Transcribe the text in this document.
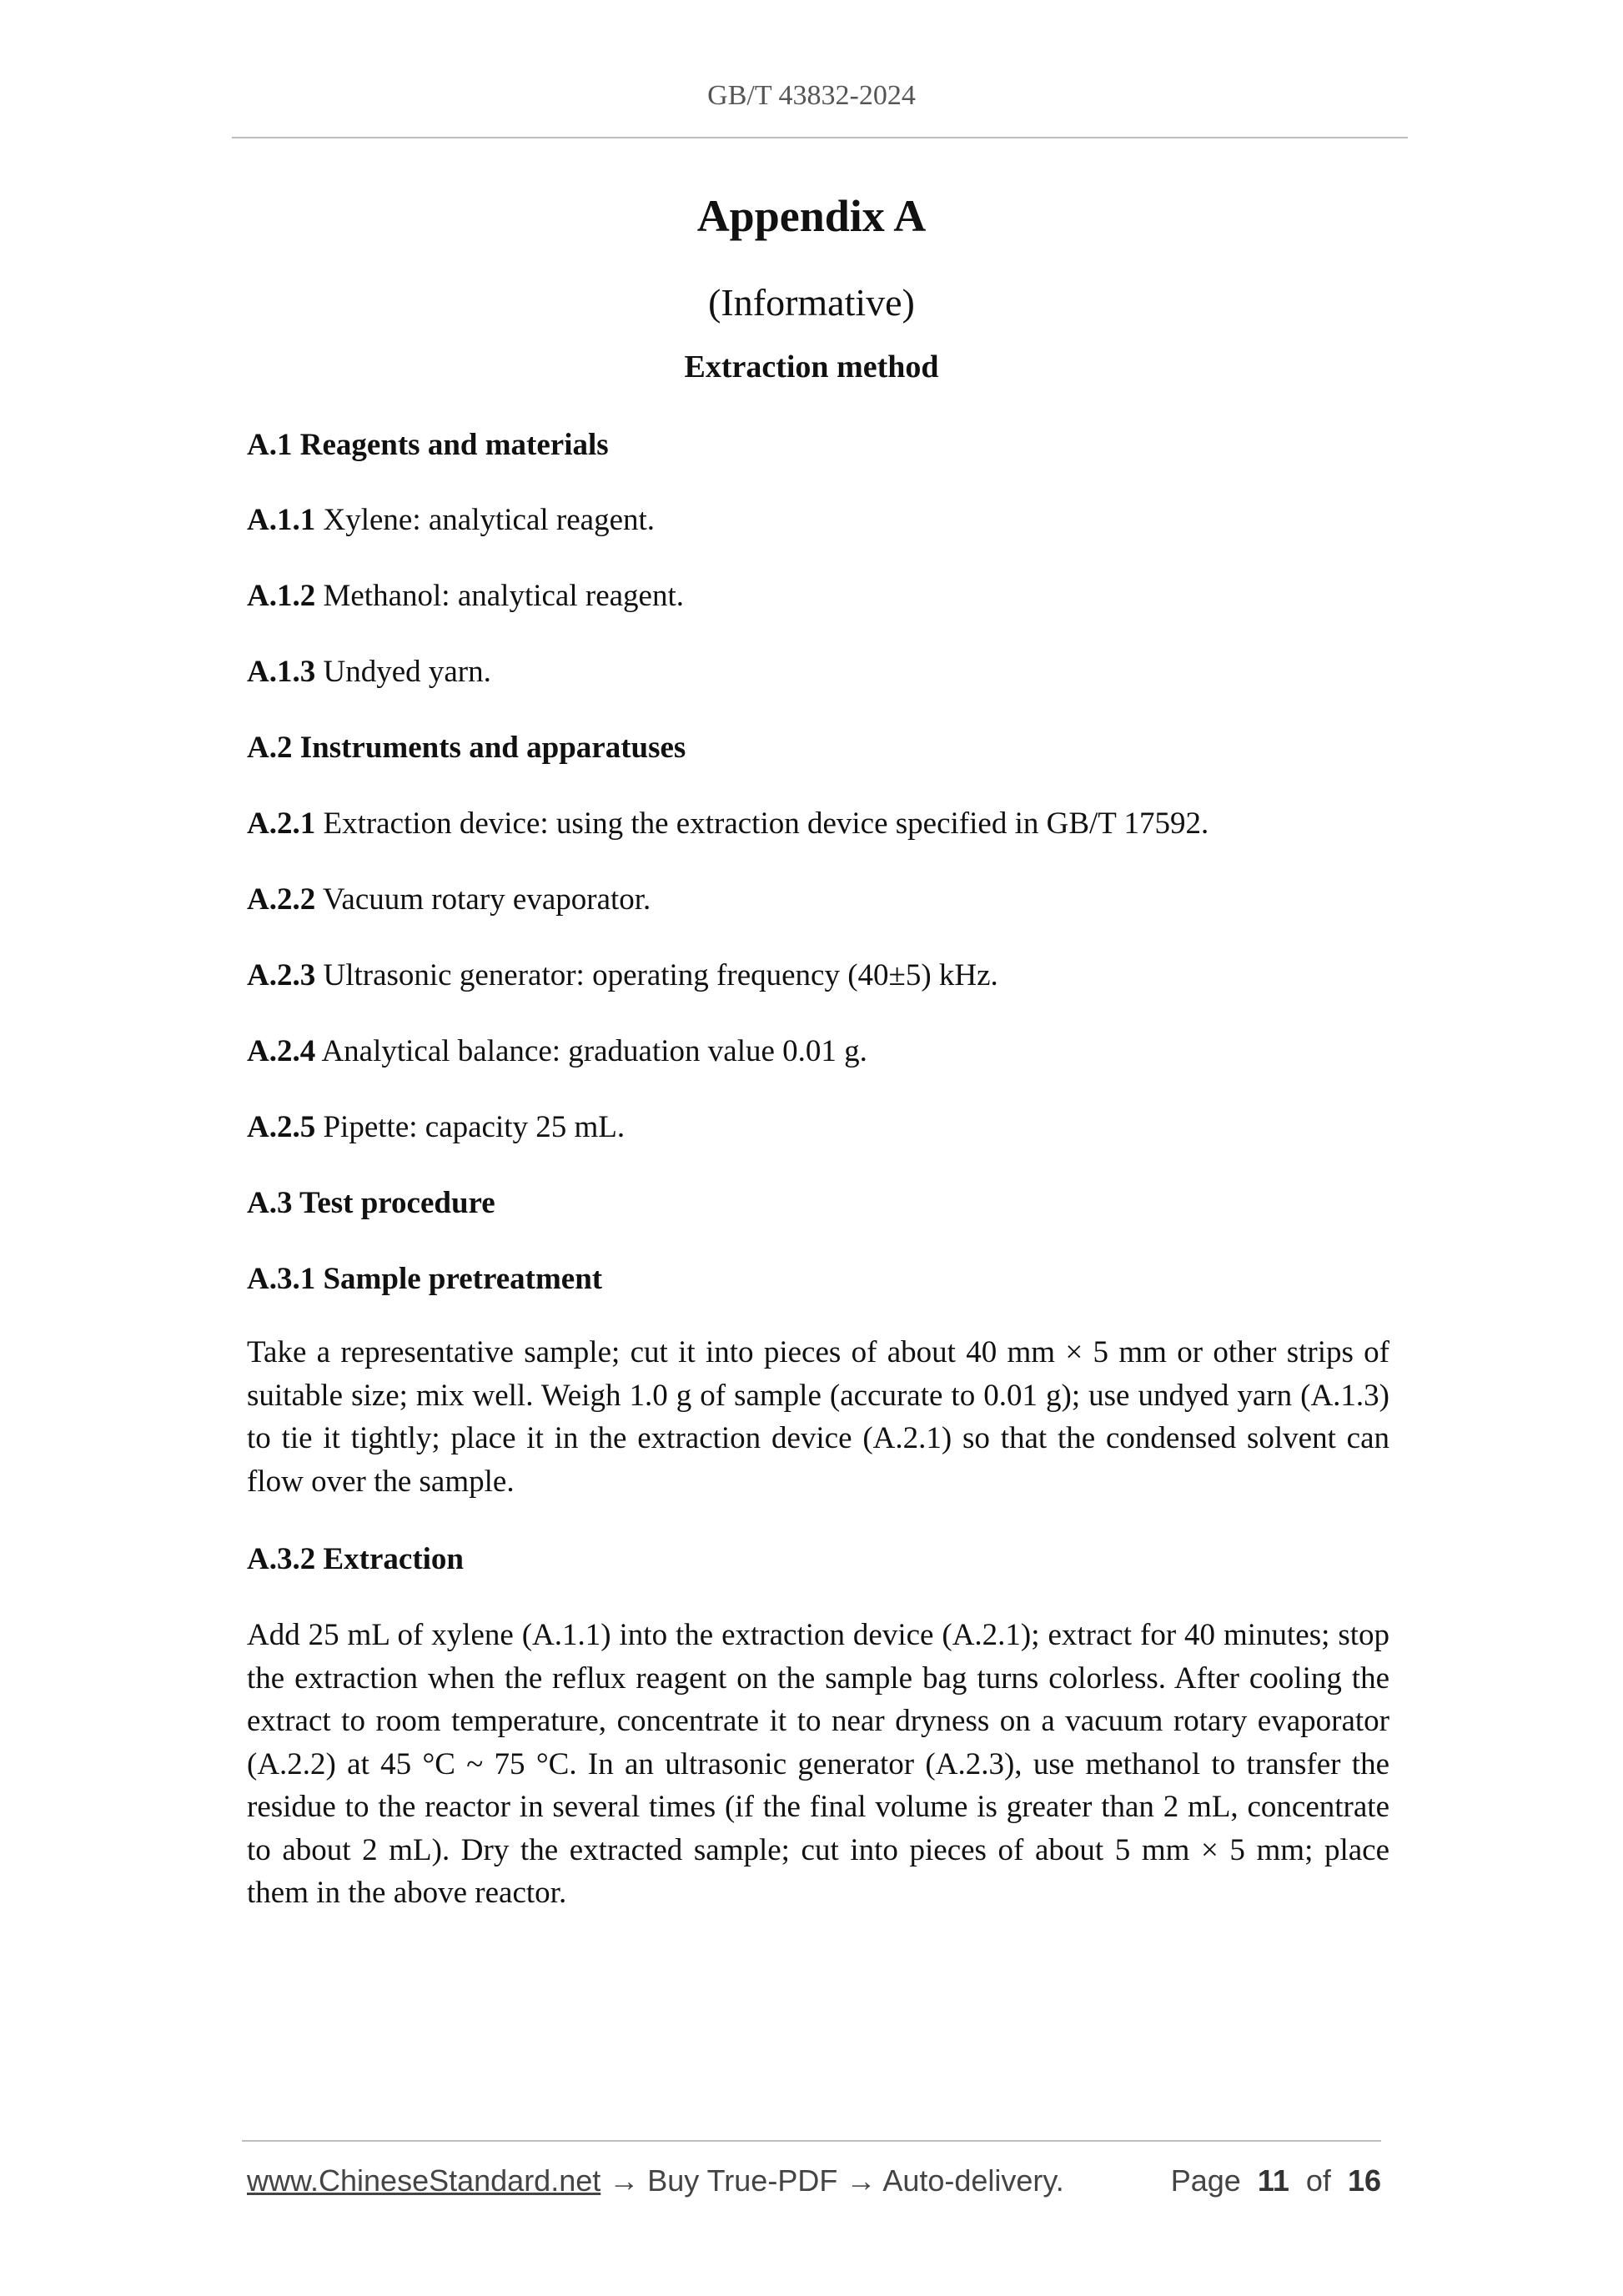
GB/T 43832-2024
Appendix A
(Informative)
Extraction method
A.1 Reagents and materials
A.1.1 Xylene: analytical reagent.
A.1.2 Methanol: analytical reagent.
A.1.3 Undyed yarn.
A.2 Instruments and apparatuses
A.2.1 Extraction device: using the extraction device specified in GB/T 17592.
A.2.2 Vacuum rotary evaporator.
A.2.3 Ultrasonic generator: operating frequency (40±5) kHz.
A.2.4 Analytical balance: graduation value 0.01 g.
A.2.5 Pipette: capacity 25 mL.
A.3 Test procedure
A.3.1 Sample pretreatment
Take a representative sample; cut it into pieces of about 40 mm × 5 mm or other strips of suitable size; mix well. Weigh 1.0 g of sample (accurate to 0.01 g); use undyed yarn (A.1.3) to tie it tightly; place it in the extraction device (A.2.1) so that the condensed solvent can flow over the sample.
A.3.2 Extraction
Add 25 mL of xylene (A.1.1) into the extraction device (A.2.1); extract for 40 minutes; stop the extraction when the reflux reagent on the sample bag turns colorless. After cooling the extract to room temperature, concentrate it to near dryness on a vacuum rotary evaporator (A.2.2) at 45 °C ~ 75 °C. In an ultrasonic generator (A.2.3), use methanol to transfer the residue to the reactor in several times (if the final volume is greater than 2 mL, concentrate to about 2 mL). Dry the extracted sample; cut into pieces of about 5 mm × 5 mm; place them in the above reactor.
www.ChineseStandard.net → Buy True-PDF → Auto-delivery.	Page 11 of 16
